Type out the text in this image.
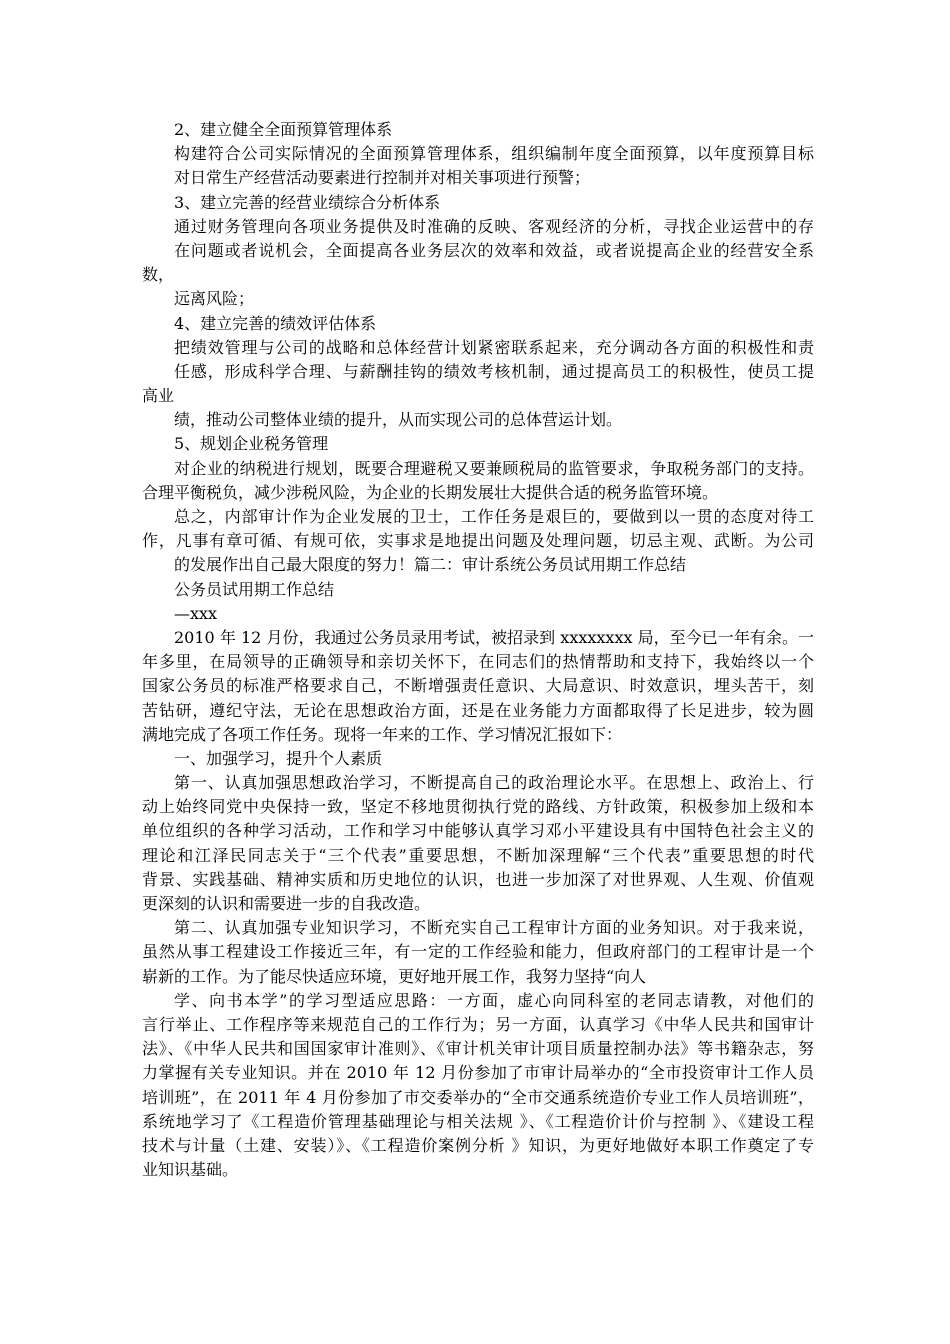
2、建立健全全面预算管理体系
构建符合公司实际情况的全面预算管理体系，组织编制年度全面预算，以年度预算目标
对日常生产经营活动要素进行控制并对相关事项进行预警；
3、建立完善的经营业绩综合分析体系
通过财务管理向各项业务提供及时准确的反映、客观经济的分析，寻找企业运营中的存
在问题或者说机会，全面提高各业务层次的效率和效益，或者说提高企业的经营安全系
数，
远离风险；
4、建立完善的绩效评估体系
把绩效管理与公司的战略和总体经营计划紧密联系起来，充分调动各方面的积极性和责
任感，形成科学合理、与薪酬挂钩的绩效考核机制，通过提高员工的积极性，使员工提
高业
绩，推动公司整体业绩的提升，从而实现公司的总体营运计划。
5、规划企业税务管理
对企业的纳税进行规划，既要合理避税又要兼顾税局的监管要求，争取税务部门的支持。
合理平衡税负，减少涉税风险，为企业的长期发展壮大提供合适的税务监管环境。
总之，内部审计作为企业发展的卫士，工作任务是艰巨的，要做到以一贯的态度对待工
作，凡事有章可循、有规可依，实事求是地提出问题及处理问题，切忌主观、武断。为公司
的发展作出自己最大限度的努力！篇二：审计系统公务员试用期工作总结
公务员试用期工作总结
—xxx
2010 年 12 月份，我通过公务员录用考试，被招录到 xxxxxxxx 局，至今已一年有余。一
年多里，在局领导的正确领导和亲切关怀下，在同志们的热情帮助和支持下，我始终以一个
国家公务员的标准严格要求自己，不断增强责任意识、大局意识、时效意识，埋头苦干，刻
苦钻研，遵纪守法，无论在思想政治方面，还是在业务能力方面都取得了长足进步，较为圆
满地完成了各项工作任务。现将一年来的工作、学习情况汇报如下：
一、加强学习，提升个人素质
第一、认真加强思想政治学习，不断提高自己的政治理论水平。在思想上、政治上、行
动上始终同党中央保持一致，坚定不移地贯彻执行党的路线、方针政策，积极参加上级和本
单位组织的各种学习活动，工作和学习中能够认真学习邓小平建设具有中国特色社会主义的
理论和江泽民同志关于“三个代表”重要思想，不断加深理解“三个代表”重要思想的时代
背景、实践基础、精神实质和历史地位的认识，也进一步加深了对世界观、人生观、价值观
更深刻的认识和需要进一步的自我改造。
第二、认真加强专业知识学习，不断充实自己工程审计方面的业务知识。对于我来说，
虽然从事工程建设工作接近三年，有一定的工作经验和能力，但政府部门的工程审计是一个
崭新的工作。为了能尽快适应环境，更好地开展工作，我努力坚持“向人
学、向书本学”的学习型适应思路：一方面，虚心向同科室的老同志请教，对他们的
言行举止、工作程序等来规范自己的工作行为；另一方面，认真学习《中华人民共和国审计
法》、《中华人民共和国国家审计准则》、《审计机关审计项目质量控制办法》等书籍杂志，努
力掌握有关专业知识。并在 2010 年 12 月份参加了市审计局举办的“全市投资审计工作人员
培训班”，在 2011 年 4 月份参加了市交委举办的“全市交通系统造价专业工作人员培训班”，
系统地学习了《工程造价管理基础理论与相关法规 》、《工程造价计价与控制 》、《建设工程
技术与计量（土建、安装）》、《工程造价案例分析 》知识，为更好地做好本职工作奠定了专
业知识基础。
